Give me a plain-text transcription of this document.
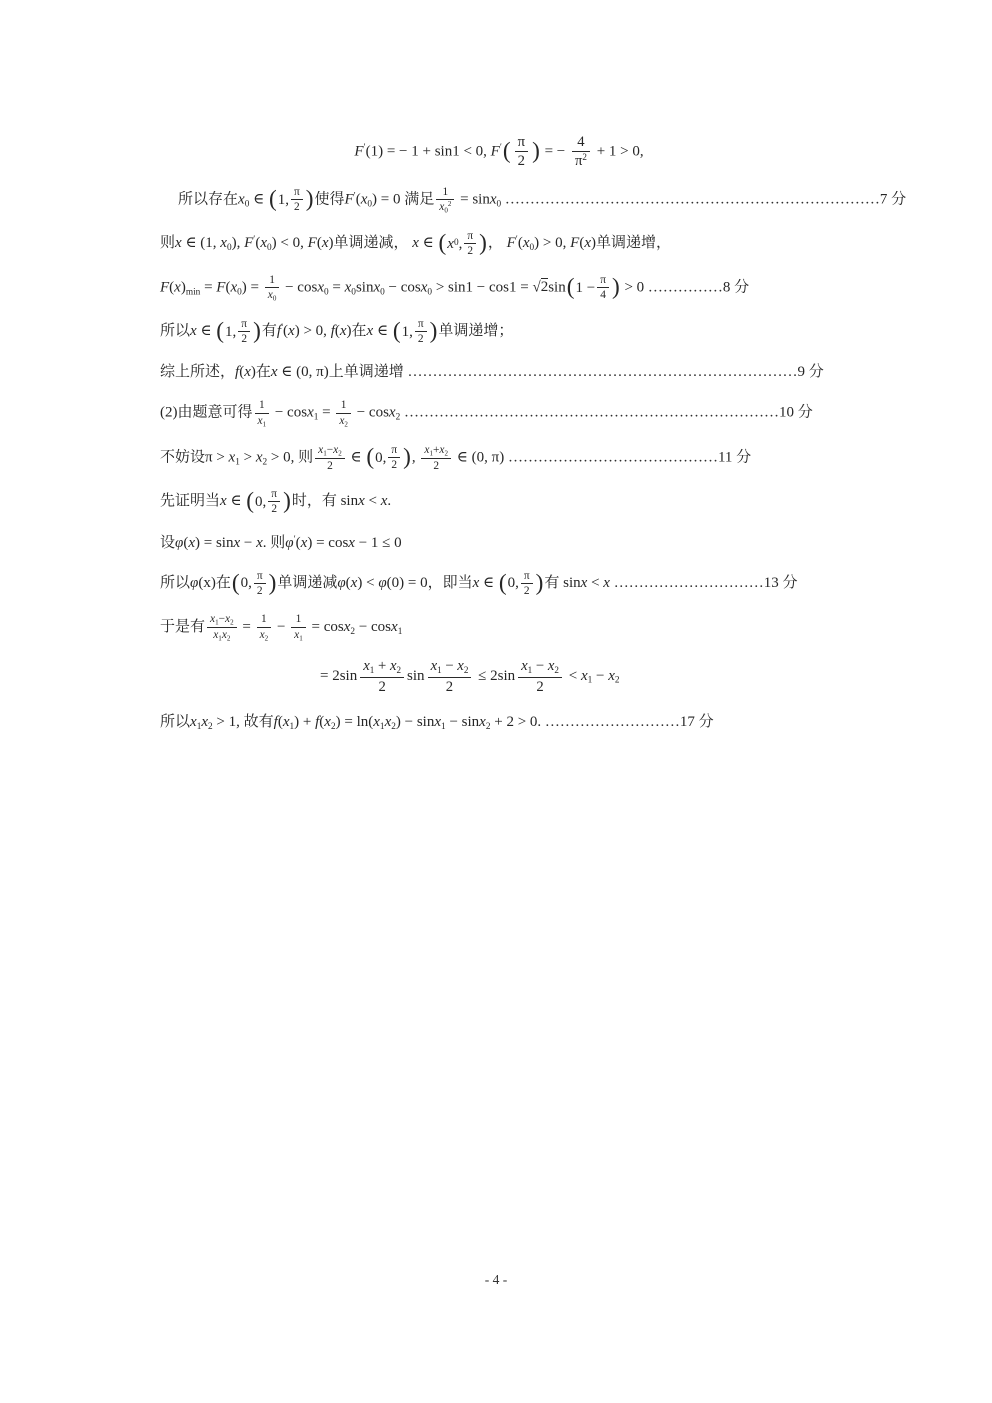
F′(1) = − 1 + sin1 < 0, F′ ( $\frac{\pi}{2}$ ) = − $\frac{4}{\pi^2} + 1 > 0$,
所以存在x0 ∈ ( 1, $\frac{\pi}{2}$ ) 使得F′(x0) = 0 满足 $\frac{1}{x0^2} = \sin x0$ …………………………………………………………………7 分
则x ∈ (1, x0), F′(x0) < 0, F(x)单调递减， x ∈ ( x 0 , $\frac{\pi}{2}$ ) ， F′(x0) > 0, F(x)单调递增，
$F(x)\min = F(x0) = \frac{1}{x0} - \cos x0 = x0\sin x0 - \cos x0 > \sin 1 - \cos 1 = √2\sin$ ( $1 - \frac{\pi}{4}$ ) > 0 ……………8 分
所以x ∈ ( 1, $\frac{\pi}{2}$ ) 有f′(x) > 0, f(x)在x ∈ ( 1, $\frac{\pi}{2}$ ) 单调递增；
综上所述，f(x)在x ∈ (0, π)上单调递增 ……………………………………………………………………9 分
(2)由题意可得 $\frac{1}{x1} - \cos x1 = \frac{1}{x2} - \cos x2$ …………………………………………………………………10 分
不妨设π > x1 > x2 > 0, 则 $\frac{x1-x2}{2}$ ∈ ( 0, $\frac{\pi}{2}$ ) , $\frac{x1+x2}{2}$ ∈ (0, π) ……………………………………11 分
先证明当x ∈ ( 0, $\frac{\pi}{2}$ ) 时，有 sinx < x.
设φ(x) = sinx − x. 则φ′(x) = cosx − 1 ≤ 0
所以φ(x)在 ( 0, $\frac{\pi}{2}$ ) 单调递减φ(x) < φ(0) = 0，即当x ∈ ( 0, $\frac{\pi}{2}$ ) 有 sinx < x …………………………13 分
于是有 $\frac{x1-x2}{x1x2} = \frac{1}{x2} - \frac{1}{x1} = \cos x2 - \cos x1$
= $2\sin \frac{x1 + x2}{2}$ $\sin \frac{x1 - x2}{2} \le 2\sin \frac{x1 - x2}{2} < x1 - x2$
所以x1x2 > 1, 故有f(x1) + f(x2) = ln(x1x2) − sinx1 − sinx2 + 2 > 0. ………………………17 分
- 4 -
